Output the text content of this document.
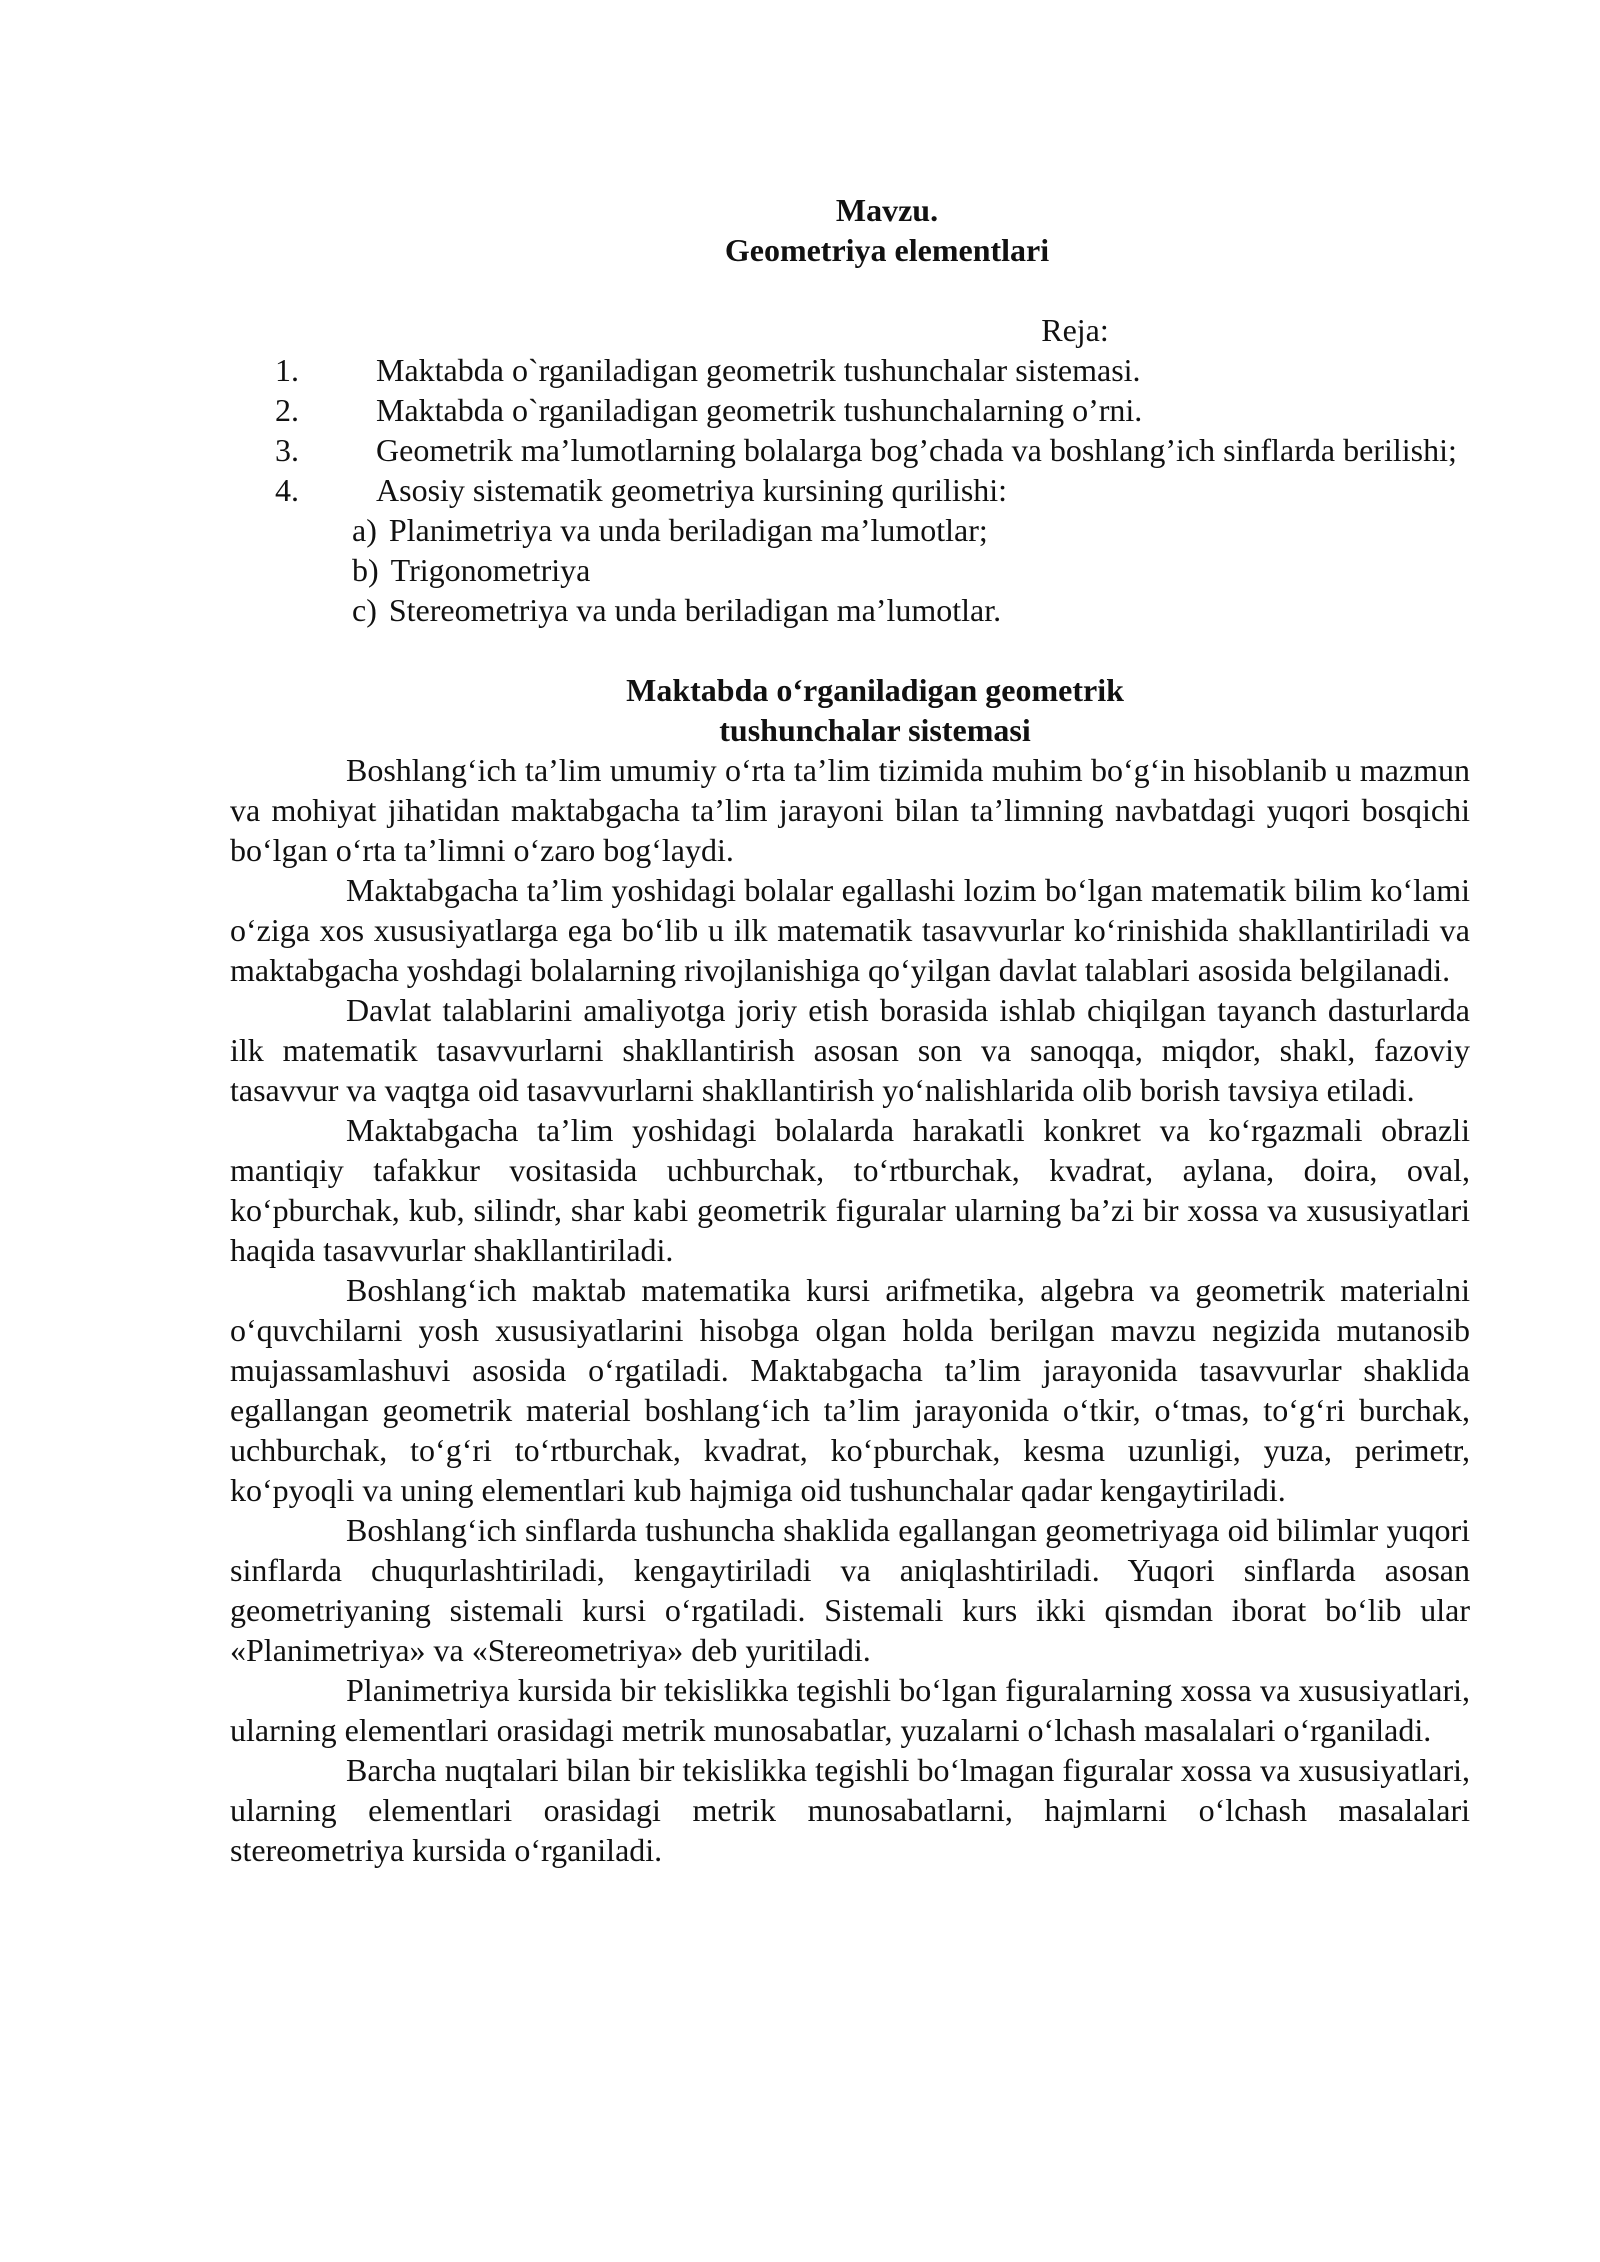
Mavzu.
Geometriya elementlari
Reja:
1. Maktabda o`rganiladigan geometrik tushunchalar sistemasi.
2. Maktabda o`rganiladigan geometrik tushunchalarning o’rni.
3. Geometrik ma’lumotlarning bolalarga bog’chada va boshlang’ich sinflarda berilishi;
4. Asosiy sistematik geometriya kursining qurilishi:
a) Planimetriya va unda beriladigan ma’lumotlar;
b) Trigonometriya
c) Stereometriya va unda beriladigan ma’lumotlar.
Maktabda o‘rganiladigan geometrik
tushunchalar sistemasi

Boshlang‘ich ta’lim umumiy o‘rta ta’lim tizimida muhim bo‘g‘in hisoblanib u mazmun va mohiyat jihatidan maktabgacha ta’lim jarayoni bilan ta’limning navbatdagi yuqori bosqichi bo‘lgan o‘rta ta’limni o‘zaro bog‘laydi.

Maktabgacha ta’lim yoshidagi bolalar egallashi lozim bo‘lgan matematik bilim ko‘lami o‘ziga xos xususiyatlarga ega bo‘lib u ilk matematik tasavvurlar ko‘rinishida shakllantiriladi va maktabgacha yoshdagi bolalarning rivojlanishiga qo‘yilgan davlat talablari asosida belgilanadi.

Davlat talablarini amaliyotga joriy etish borasida ishlab chiqilgan tayanch dasturlarda ilk matematik tasavvurlarni shakllantirish asosan son va sanoqqa, miqdor, shakl, fazoviy tasavvur va vaqtga oid tasavvurlarni shakllantirish yo‘nalishlarida olib borish tavsiya etiladi.

Maktabgacha ta’lim yoshidagi bolalarda harakatli konkret va ko‘rgazmali obrazli mantiqiy tafakkur vositasida uchburchak, to‘rtburchak, kvadrat, aylana, doira, oval, ko‘pburchak, kub, silindr, shar kabi geometrik figuralar ularning ba’zi bir xossa va xususiyatlari haqida tasavvurlar shakllantiriladi.

Boshlang‘ich maktab matematika kursi arifmetika, algebra va geometrik materialni o‘quvchilarni yosh xususiyatlarini hisobga olgan holda berilgan mavzu negizida mutanosib mujassamlashuvi asosida o‘rgatiladi. Maktabgacha ta’lim jarayonida tasavvurlar shaklida egallangan geometrik material boshlang‘ich ta’lim jarayonida o‘tkir, o‘tmas, to‘g‘ri burchak, uchburchak, to‘g‘ri to‘rtburchak, kvadrat, ko‘pburchak, kesma uzunligi, yuza, perimetr, ko‘pyoqli va uning elementlari kub hajmiga oid tushunchalar qadar kengaytiriladi.

Boshlang‘ich sinflarda tushuncha shaklida egallangan geometriyaga oid bilimlar yuqori sinflarda chuqurlashtiriladi, kengaytiriladi va aniqlashtiriladi. Yuqori sinflarda asosan geometriyaning sistemali kursi o‘rgatiladi. Sistemali kurs ikki qismdan iborat bo‘lib ular «Planimetriya» va «Stereometriya» deb yuritiladi.

Planimetriya kursida bir tekislikka tegishli bo‘lgan figuralarning xossa va xususiyatlari, ularning elementlari orasidagi metrik munosabatlar, yuzalarni o‘lchash masalalari o‘rganiladi.

Barcha nuqtalari bilan bir tekislikka tegishli bo‘lmagan figuralar xossa va xususiyatlari, ularning elementlari orasidagi metrik munosabatlarni, hajmlarni o‘lchash masalalari stereometriya kursida o‘rganiladi.
